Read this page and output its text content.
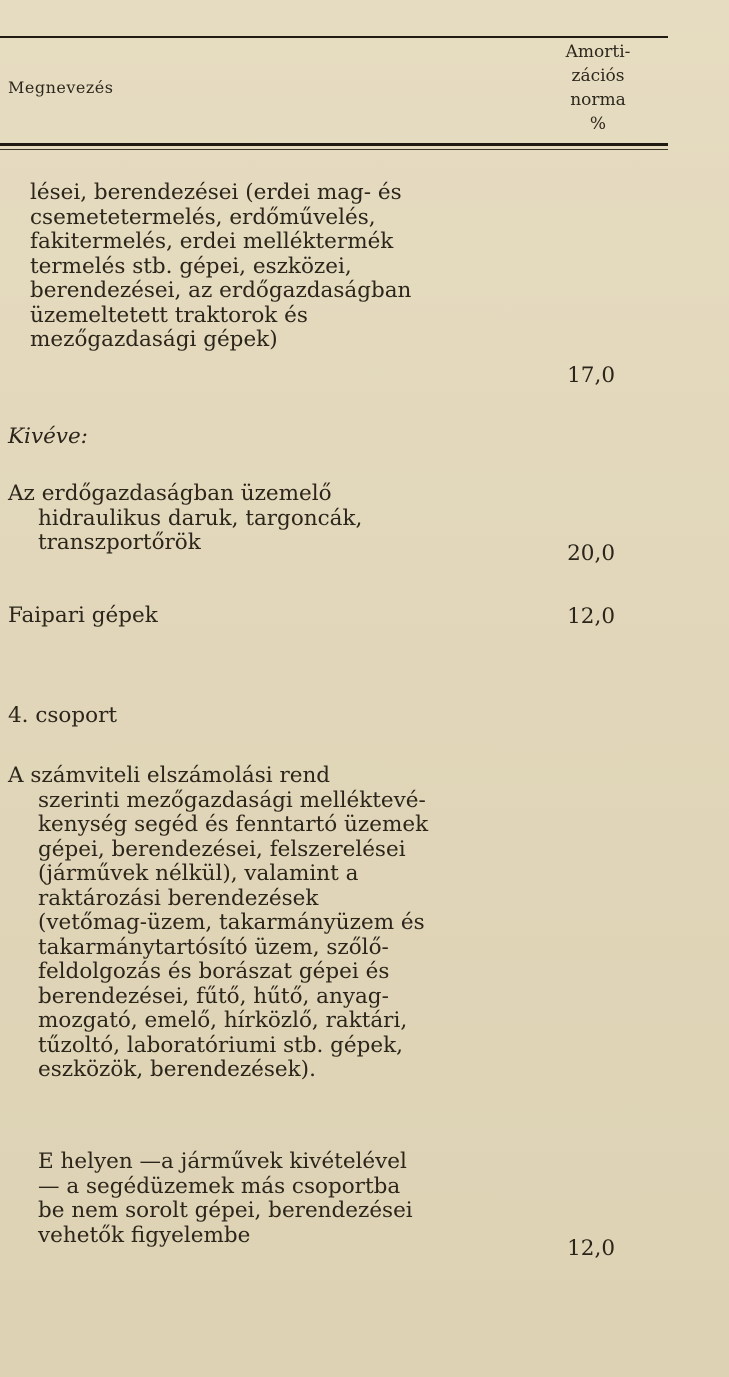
Megnevezés
Amorti-
zációs
norma
%

lései, berendezései (erdei mag- és

csemetetermelés, erdőművelés,

fakitermelés, erdei melléktermék

termelés stb. gépei, eszközei,

berendezései, az erdőgazdaságban

üzemeltetett traktorok és

mezőgazdasági gépek)

17,0
Kivéve:

Az erdőgazdaságban üzemelő

hidraulikus daruk, targoncák,

transzportőrök	20,0
Faipari gépek	12,0
4. csoport

A számviteli elszámolási rend

szerinti mezőgazdasági melléktevé-

kenység segéd és fenntartó üzemek

gépei, berendezései, felszerelései

(járművek nélkül), valamint a

raktározási berendezések

(vetőmag-üzem, takarmányüzem és

takarmánytartósító üzem, szőlő-

feldolgozás és borászat gépei és

berendezései, fűtő, hűtő, anyag-

mozgató, emelő, hírközlő, raktári,

tűzoltó, laboratóriumi stb. gépek,

eszközök, berendezések).

E helyen —a járművek kivételével

— a segédüzemek más csoportba

be nem sorolt gépei, berendezései

vehetők figyelembe

12,0
